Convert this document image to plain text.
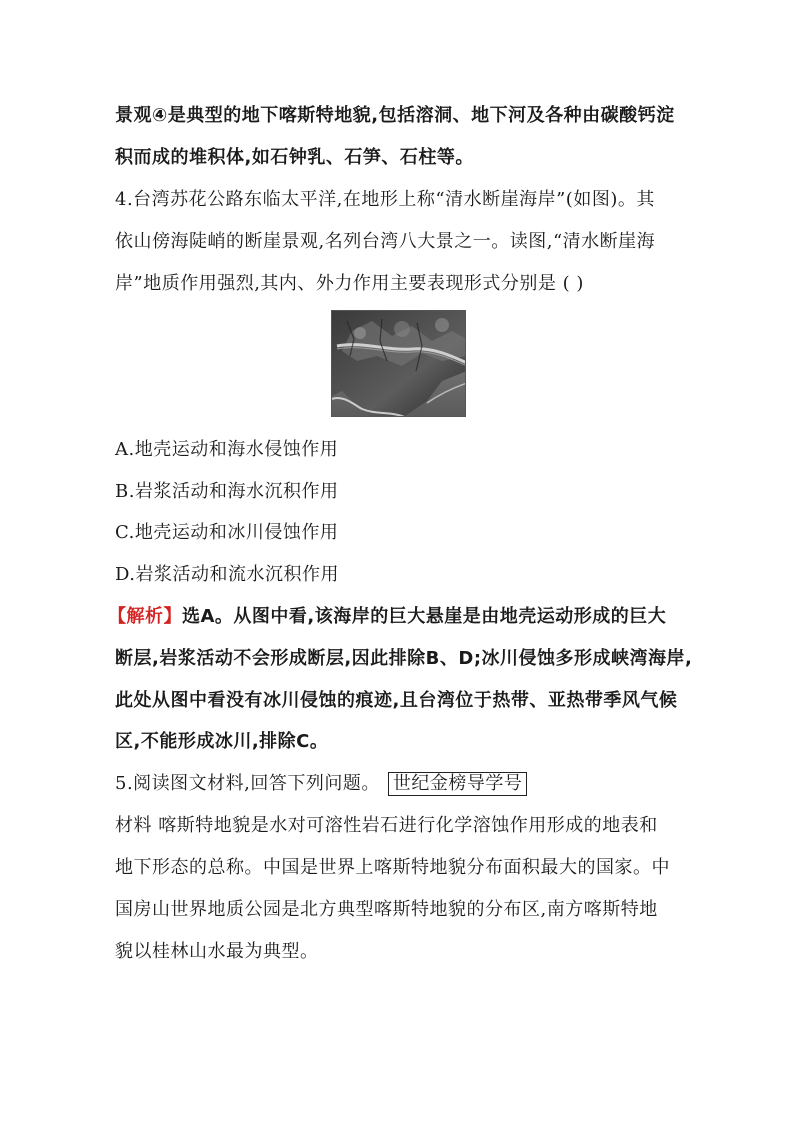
景观④是典型的地下喀斯特地貌,包括溶洞、地下河及各种由碳酸钙淀
积而成的堆积体,如石钟乳、石笋、石柱等。
4.台湾苏花公路东临太平洋,在地形上称“清水断崖海岸”(如图)。其
依山傍海陡峭的断崖景观,名列台湾八大景之一。读图,“清水断崖海
岸”地质作用强烈,其内、外力作用主要表现形式分别是 ( )
A.地壳运动和海水侵蚀作用
B.岩浆活动和海水沉积作用
C.地壳运动和冰川侵蚀作用
D.岩浆活动和流水沉积作用
【解析】选A。从图中看,该海岸的巨大悬崖是由地壳运动形成的巨大
断层,岩浆活动不会形成断层,因此排除B、D;冰川侵蚀多形成峡湾海岸,
此处从图中看没有冰川侵蚀的痕迹,且台湾位于热带、亚热带季风气候
区,不能形成冰川,排除C。
5.阅读图文材料,回答下列问题。 世纪金榜导学号
材料 喀斯特地貌是水对可溶性岩石进行化学溶蚀作用形成的地表和
地下形态的总称。中国是世界上喀斯特地貌分布面积最大的国家。中
国房山世界地质公园是北方典型喀斯特地貌的分布区,南方喀斯特地
貌以桂林山水最为典型。
